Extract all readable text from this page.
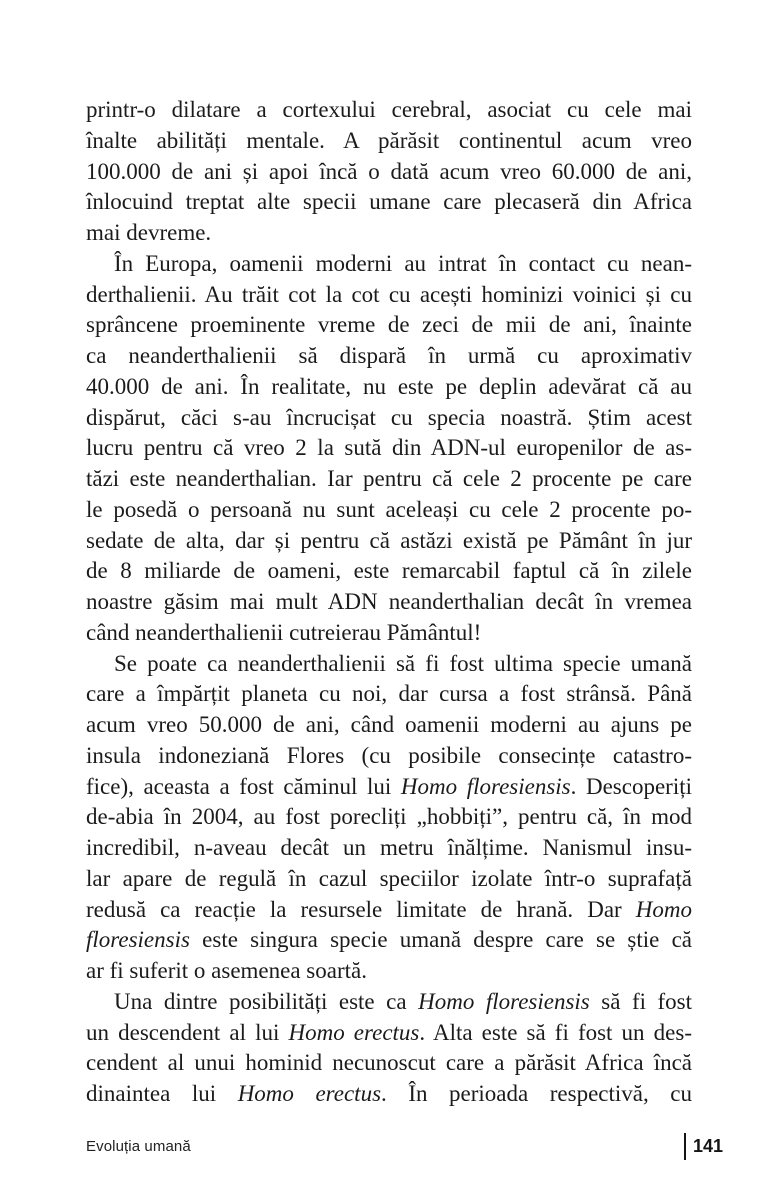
printr-o dilatare a cortexului cerebral, asociat cu cele mai
înalte abilități mentale. A părăsit continentul acum vreo
100.000 de ani și apoi încă o dată acum vreo 60.000 de ani,
înlocuind treptat alte specii umane care plecaseră din Africa
mai devreme.
În Europa, oamenii moderni au intrat în contact cu nean-
derthalienii. Au trăit cot la cot cu acești hominizi voinici și cu
sprâncene proeminente vreme de zeci de mii de ani, înainte
ca neanderthalienii să dispară în urmă cu aproximativ
40.000 de ani. În realitate, nu este pe deplin adevărat că au
dispărut, căci s-au încrucișat cu specia noastră. Știm acest
lucru pentru că vreo 2 la sută din ADN-ul europenilor de as-
tăzi este neanderthalian. Iar pentru că cele 2 procente pe care
le posedă o persoană nu sunt aceleași cu cele 2 procente po-
sedate de alta, dar și pentru că astăzi există pe Pământ în jur
de 8 miliarde de oameni, este remarcabil faptul că în zilele
noastre găsim mai mult ADN neanderthalian decât în vremea
când neanderthalienii cutreierau Pământul!
Se poate ca neanderthalienii să fi fost ultima specie umană
care a împărțit planeta cu noi, dar cursa a fost strânsă. Până
acum vreo 50.000 de ani, când oamenii moderni au ajuns pe
insula indoneziană Flores (cu posibile consecințe catastro-
fice), aceasta a fost căminul lui Homo floresiensis. Descoperiți
de-abia în 2004, au fost porecliți „hobbiți”, pentru că, în mod
incredibil, n-aveau decât un metru înălțime. Nanismul insu-
lar apare de regulă în cazul speciilor izolate într-o suprafață
redusă ca reacție la resursele limitate de hrană. Dar Homo
floresiensis este singura specie umană despre care se știe că
ar fi suferit o asemenea soartă.
Una dintre posibilități este ca Homo floresiensis să fi fost
un descendent al lui Homo erectus. Alta este să fi fost un des-
cendent al unui hominid necunoscut care a părăsit Africa încă
dinaintea lui Homo erectus. În perioada respectivă, cu
Evoluția umană	141
